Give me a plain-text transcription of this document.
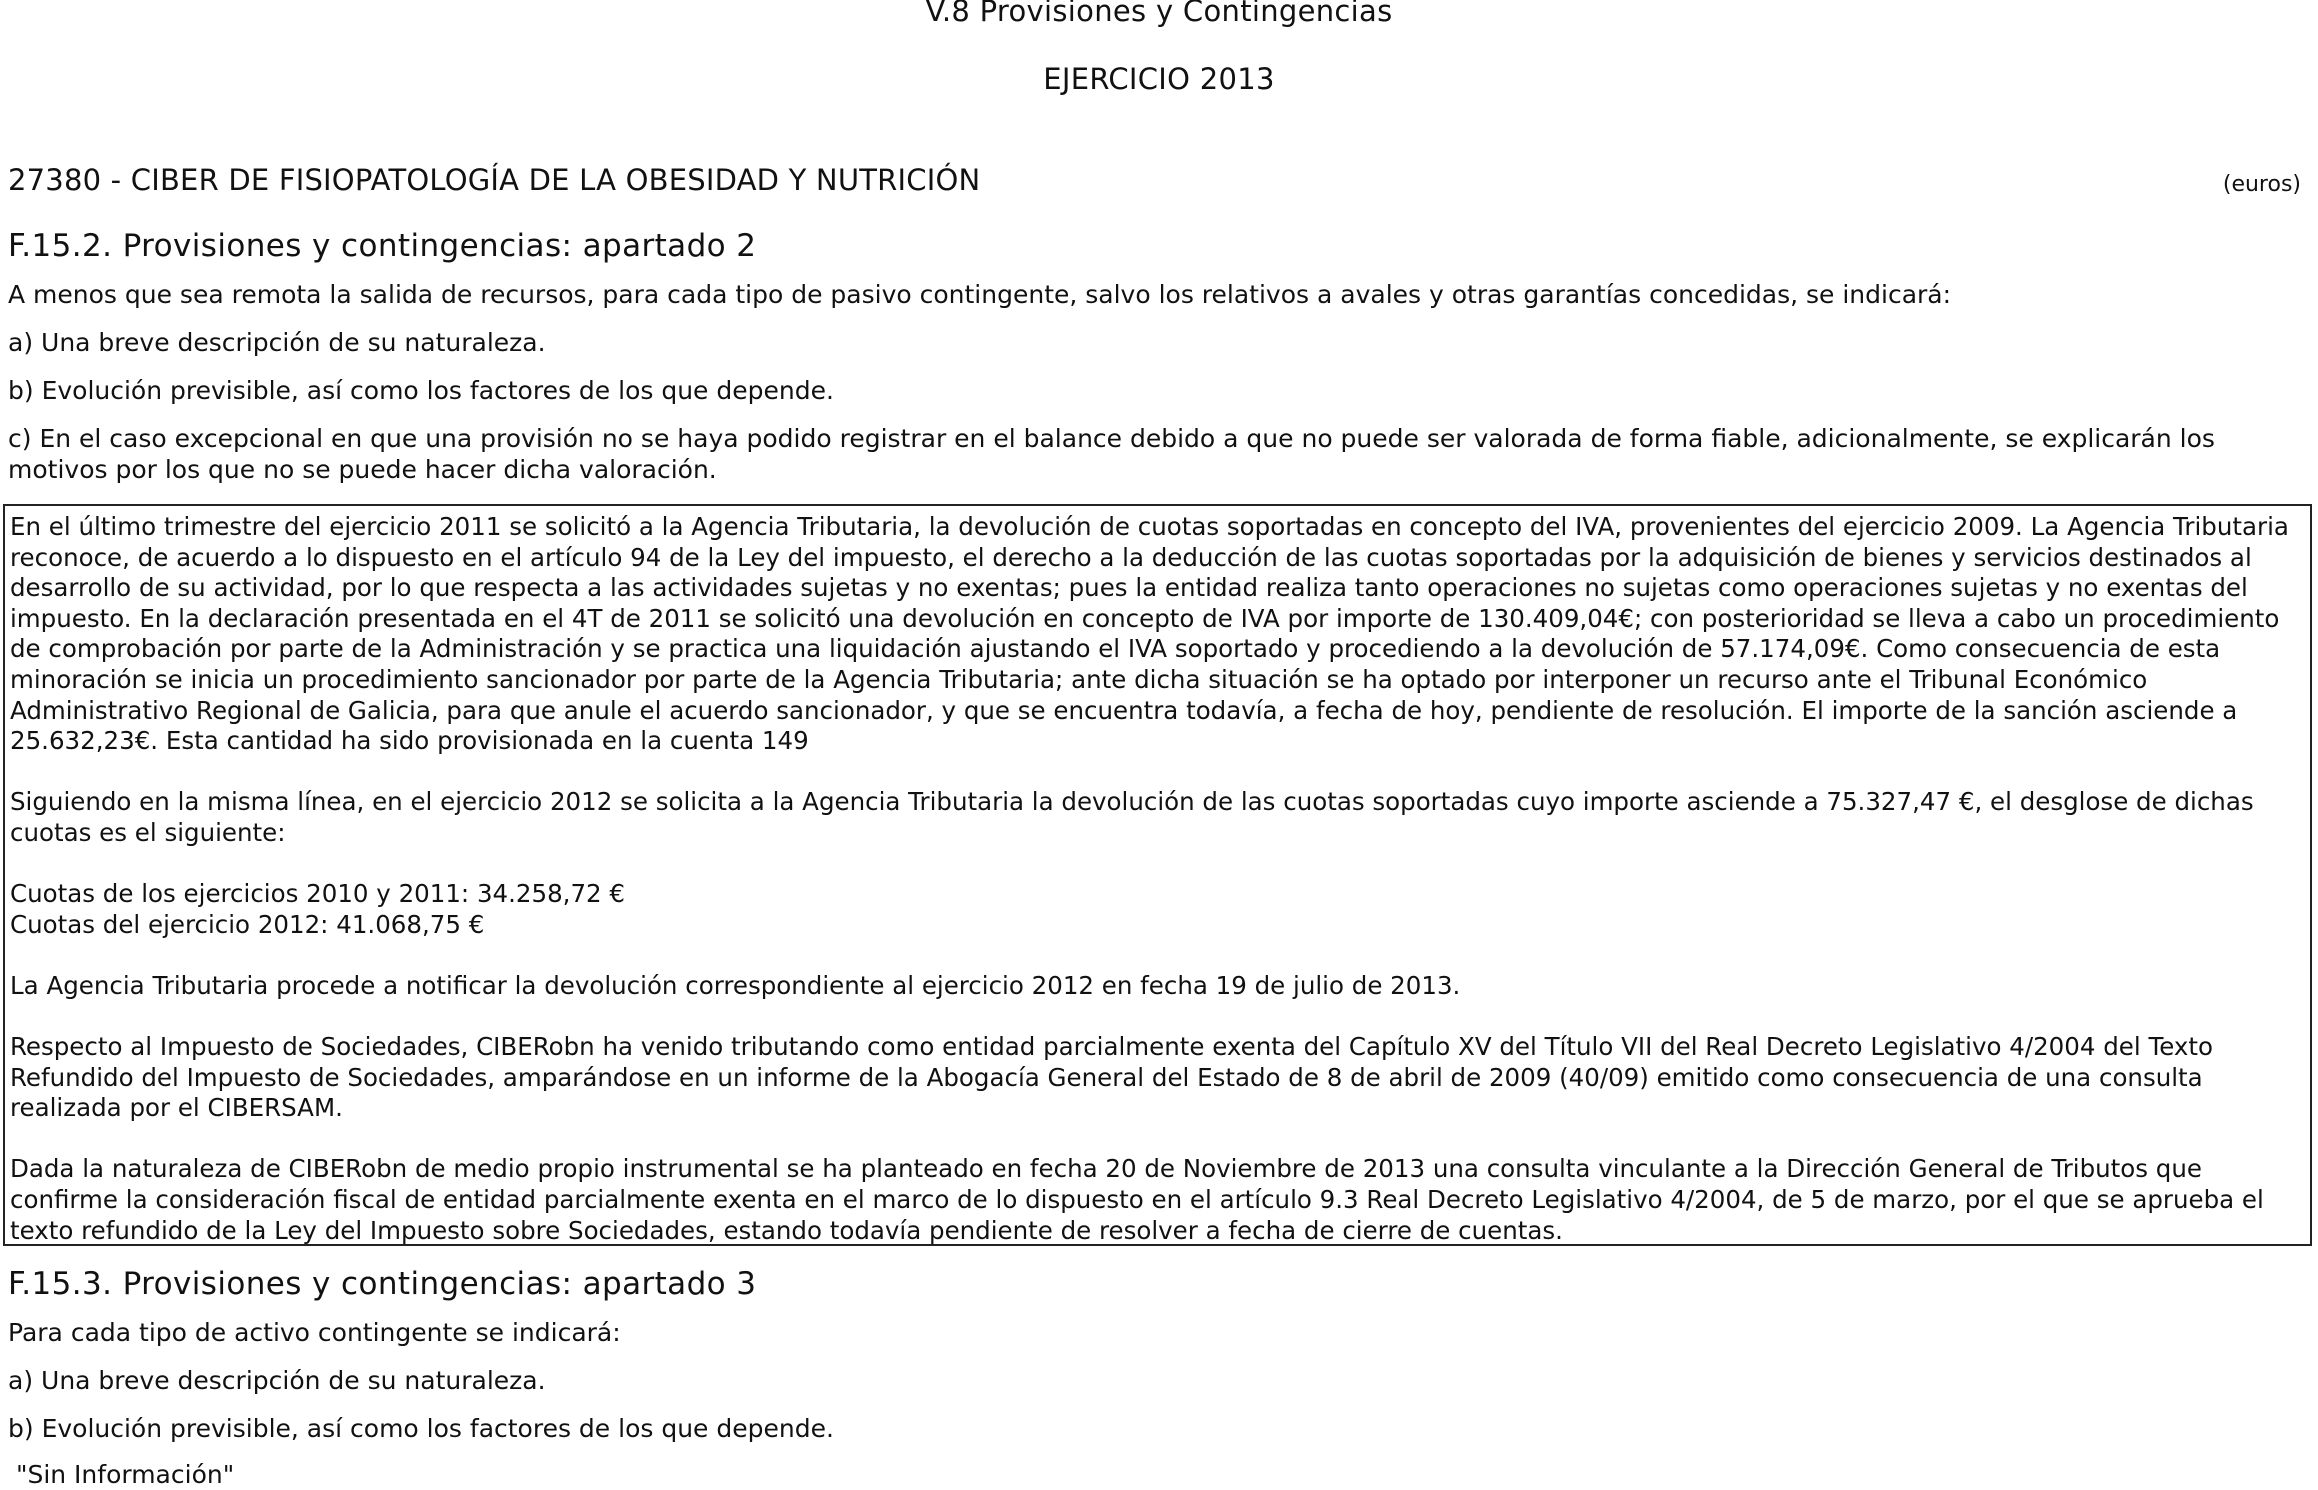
V.8 Provisiones y Contingencias
EJERCICIO 2013
27380 - CIBER DE FISIOPATOLOGÍA DE LA OBESIDAD Y NUTRICIÓN	(euros)
F.15.2. Provisiones y contingencias: apartado 2
A menos que sea remota la salida de recursos, para cada tipo de pasivo contingente, salvo los relativos a avales y otras garantías concedidas, se indicará:
a) Una breve descripción de su naturaleza.
b) Evolución previsible, así como los factores de los que depende.
c) En el caso excepcional en que una provisión no se haya podido registrar en el balance debido a que no puede ser valorada de forma fiable, adicionalmente, se explicarán los motivos por los que no se puede hacer dicha valoración.

En el último trimestre del ejercicio 2011 se solicitó a la Agencia Tributaria, la devolución de cuotas soportadas en concepto del IVA, provenientes del ejercicio 2009. La Agencia Tributaria reconoce, de acuerdo a lo dispuesto en el artículo 94 de la Ley del impuesto, el derecho a la deducción de las cuotas soportadas por la adquisición de bienes y servicios destinados al desarrollo de su actividad, por lo que respecta a las actividades sujetas y no exentas; pues la entidad realiza tanto operaciones no sujetas como operaciones sujetas y no exentas del impuesto. En la declaración presentada en el 4T de 2011 se solicitó una devolución en concepto de IVA por importe de 130.409,04€; con posterioridad se lleva a cabo un procedimiento de comprobación por parte de la Administración y se practica una liquidación ajustando el IVA soportado y procediendo a la devolución de 57.174,09€. Como consecuencia de esta minoración se inicia un procedimiento sancionador por parte de la Agencia Tributaria; ante dicha situación se ha optado por interponer un recurso ante el Tribunal Económico Administrativo Regional de Galicia, para que anule el acuerdo sancionador, y que se encuentra todavía, a fecha de hoy, pendiente de resolución. El importe de la sanción asciende a 25.632,23€. Esta cantidad ha sido provisionada en la cuenta 149

Siguiendo en la misma línea, en el ejercicio 2012 se solicita a la Agencia Tributaria la devolución de las cuotas soportadas cuyo importe asciende a 75.327,47 €, el desglose de dichas cuotas es el siguiente:

Cuotas de los ejercicios 2010 y 2011: 34.258,72 €

Cuotas del ejercicio 2012: 41.068,75 €

La Agencia Tributaria procede a notificar la devolución correspondiente al ejercicio 2012 en fecha 19 de julio de 2013.

Respecto al Impuesto de Sociedades, CIBERobn ha venido tributando como entidad parcialmente exenta del Capítulo XV del Título VII del Real Decreto Legislativo 4/2004 del Texto Refundido del Impuesto de Sociedades, amparándose en un informe de la Abogacía General del Estado de 8 de abril de 2009 (40/09) emitido como consecuencia de una consulta realizada por el CIBERSAM.

Dada la naturaleza de CIBERobn de medio propio instrumental se ha planteado en fecha 20 de Noviembre de 2013 una consulta vinculante a la Dirección General de Tributos que confirme la consideración fiscal de entidad parcialmente exenta en el marco de lo dispuesto en el artículo 9.3 Real Decreto Legislativo 4/2004, de 5 de marzo, por el que se aprueba el texto refundido de la Ley del Impuesto sobre Sociedades, estando todavía pendiente de resolver a fecha de cierre de cuentas.

F.15.3. Provisiones y contingencias: apartado 3
Para cada tipo de activo contingente se indicará:
a) Una breve descripción de su naturaleza.
b) Evolución previsible, así como los factores de los que depende.
"Sin Información"
